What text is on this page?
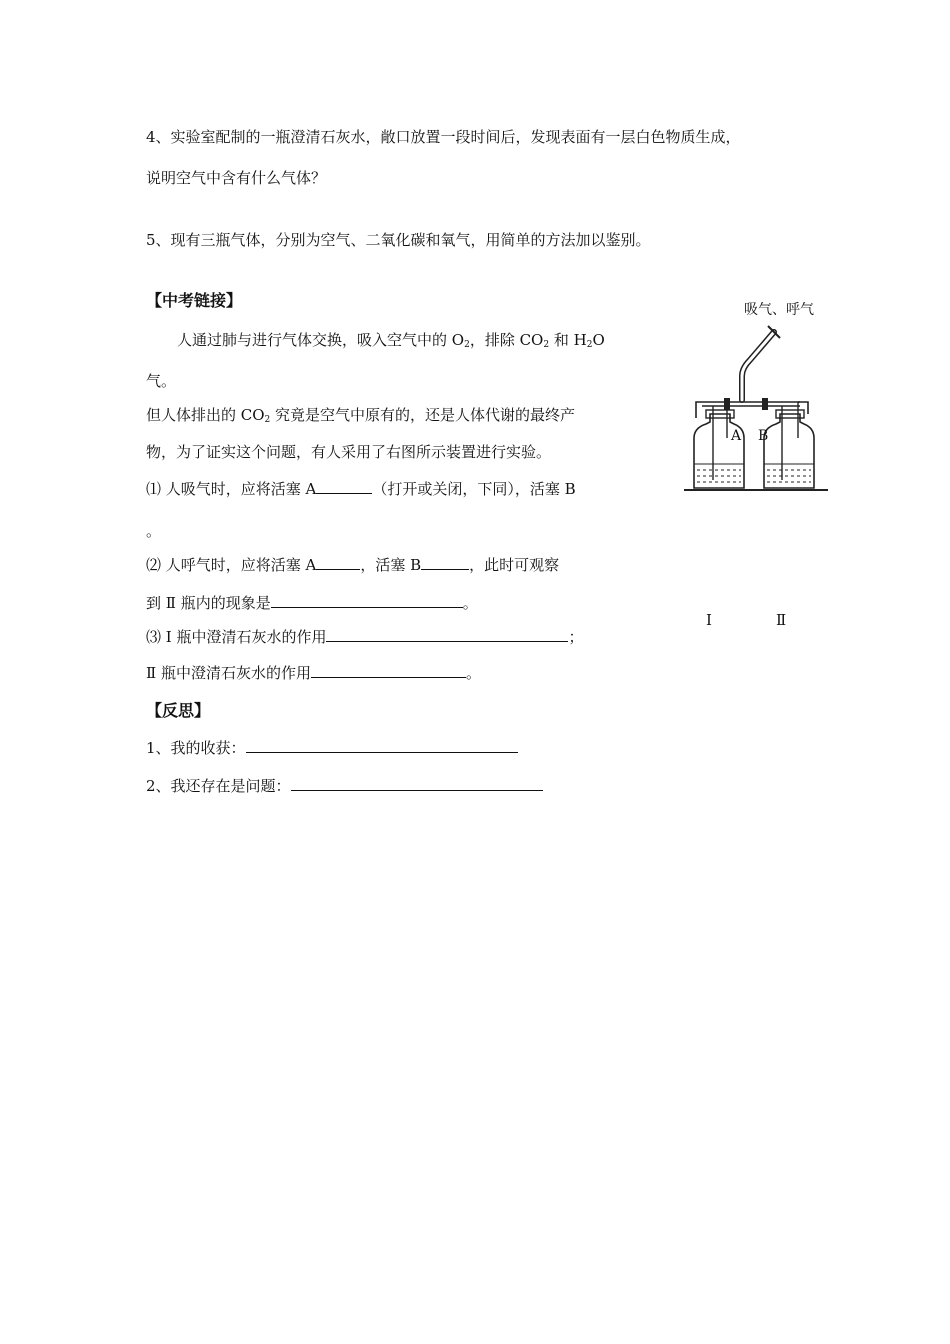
4、实验室配制的一瓶澄清石灰水，敞口放置一段时间后，发现表面有一层白色物质生成，
说明空气中含有什么气体？
5、现有三瓶气体，分别为空气、二氧化碳和氧气，用简单的方法加以鉴别。
【中考链接】
人通过肺与进行气体交换，吸入空气中的 $O_2$，排除 $CO_2$ 和 $H_2O$
气。
但人体排出的 $CO_2$ 究竟是空气中原有的，还是人体代谢的最终产
物，为了证实这个问题，有人采用了右图所示装置进行实验。
⑴ 人吸气时，应将活塞 A	（打开或关闭，下同），活塞 B
。
⑵ 人呼气时，应将活塞 A	，活塞 B	，此时可观察
到 Ⅱ 瓶内的现象是	。
⑶ Ⅰ 瓶中澄清石灰水的作用	；
Ⅱ 瓶中澄清石灰水的作用	。
吸气、呼气
A B
Ⅰ	Ⅱ
【反思】
1、我的收获：
2、我还存在是问题：
